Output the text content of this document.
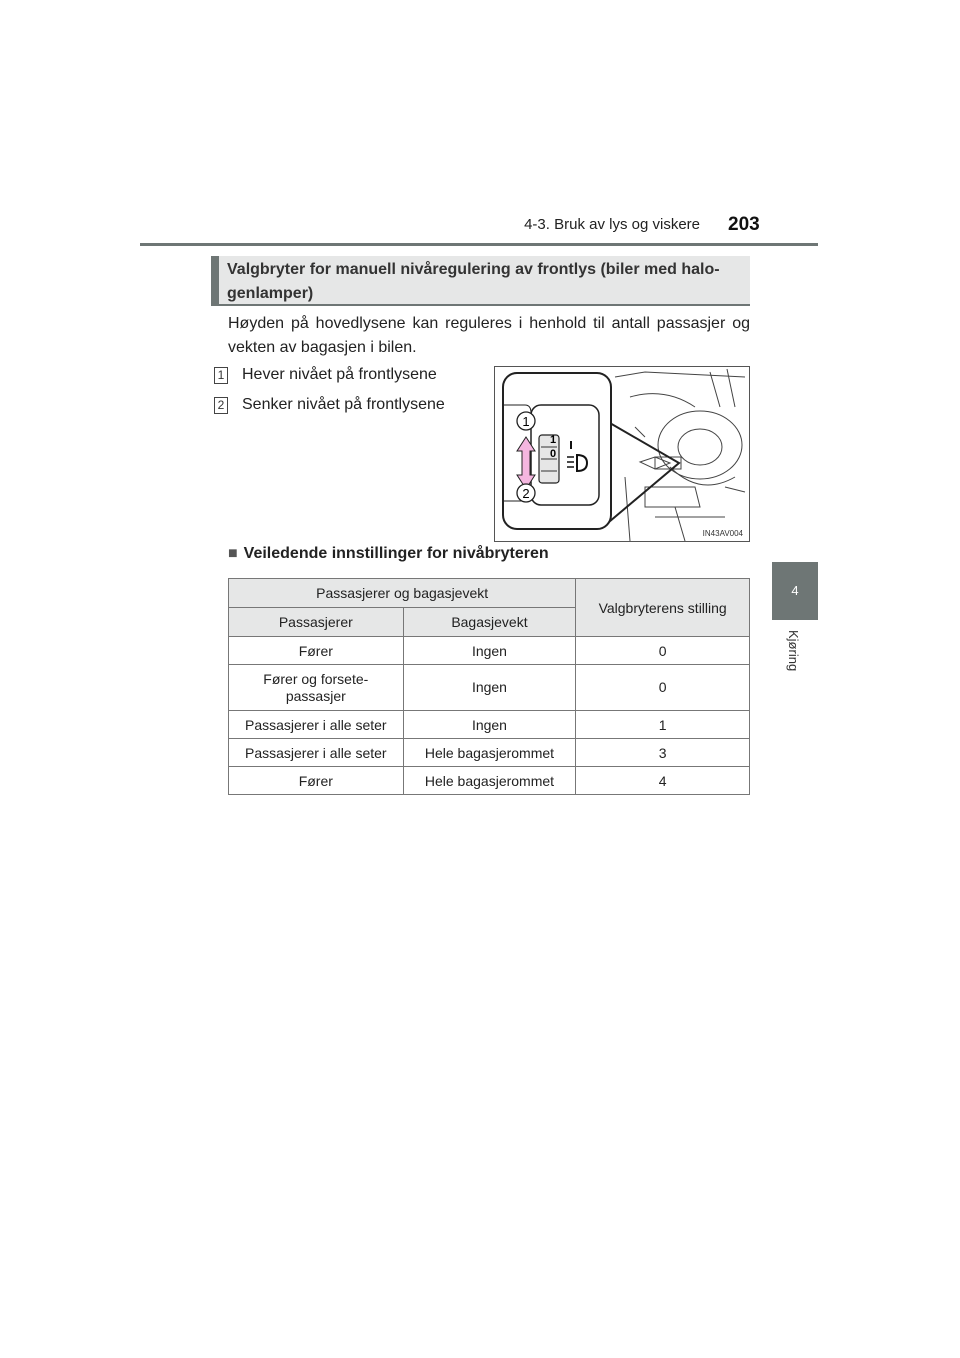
4-3. Bruk av lys og viskere 203
4
Kjøring
Valgbryter for manuell nivåregulering av frontlys (biler med halo-genlamper)
Høyden på hovedlysene kan reguleres i henhold til antall passasjer og vekten av bagasjen i bilen.
1 Hever nivået på frontlysene
2 Senker nivået på frontlysene
1
0
1
2
IN43AV004
■ Veiledende innstillinger for nivåbryteren
Passasjerer og bagasjevekt		Valgbryterens stilling
Passasjerer	Bagasjevekt	
Fører	Ingen	0
Fører og forsete-
passasjer	Ingen	0
Passasjerer i alle seter	Ingen	1
Passasjerer i alle seter	Hele bagasjerommet	3
Fører	Hele bagasjerommet	4
